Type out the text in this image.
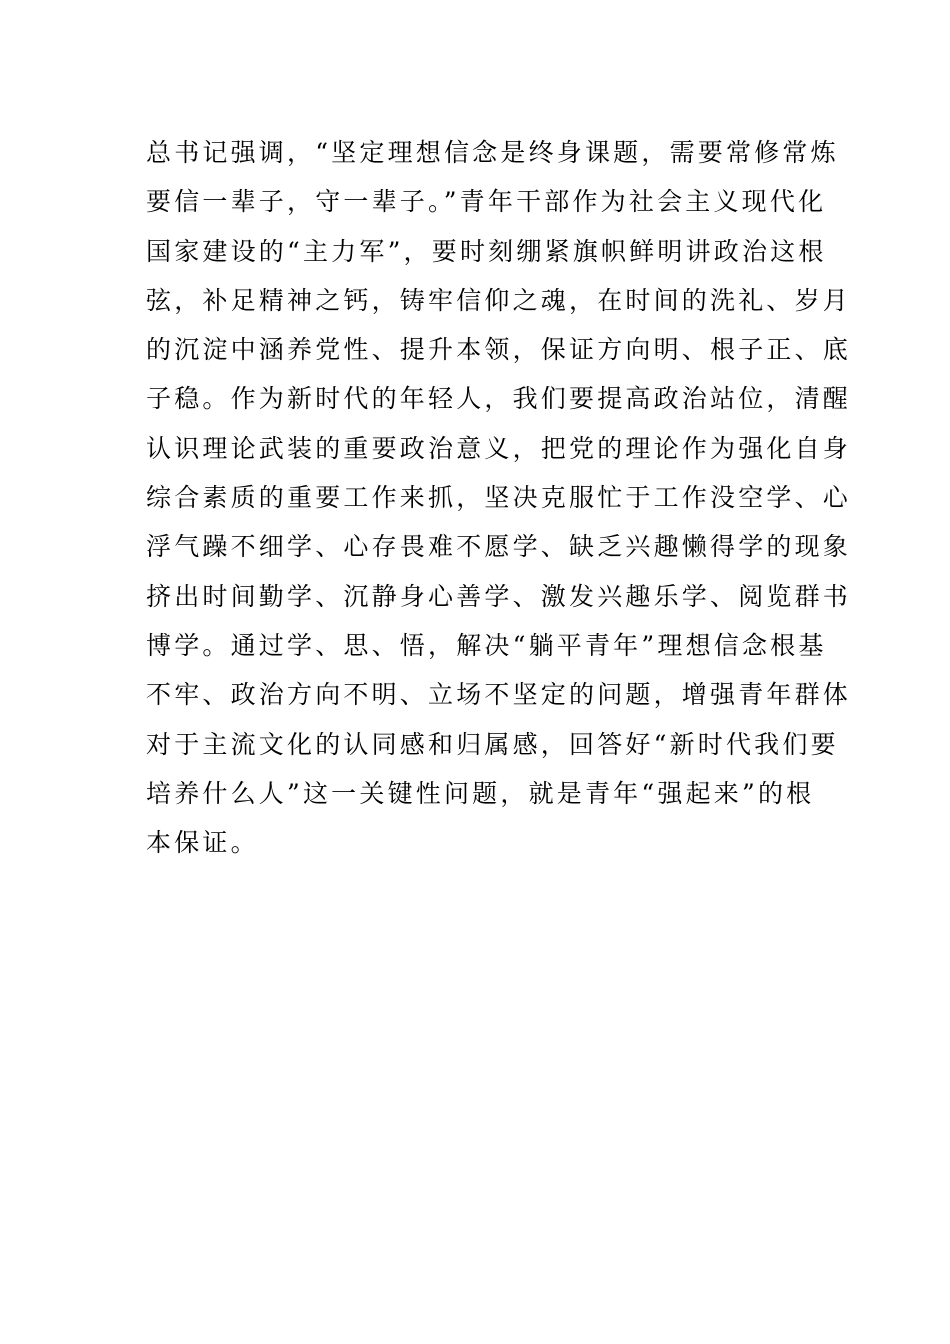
总书记强调，“坚定理想信念是终身课题，需要常修常炼
要信一辈子，守一辈子。”青年干部作为社会主义现代化
国家建设的“主力军”，要时刻绷紧旗帜鲜明讲政治这根
弦，补足精神之钙，铸牢信仰之魂，在时间的洗礼、岁月
的沉淀中涵养党性、提升本领，保证方向明、根子正、底
子稳。作为新时代的年轻人，我们要提高政治站位，清醒
认识理论武装的重要政治意义，把党的理论作为强化自身
综合素质的重要工作来抓，坚决克服忙于工作没空学、心
浮气躁不细学、心存畏难不愿学、缺乏兴趣懒得学的现象
挤出时间勤学、沉静身心善学、激发兴趣乐学、阅览群书
博学。通过学、思、悟，解决“躺平青年”理想信念根基
不牢、政治方向不明、立场不坚定的问题，增强青年群体
对于主流文化的认同感和归属感，回答好“新时代我们要
培养什么人”这一关键性问题，就是青年“强起来”的根
本保证。
